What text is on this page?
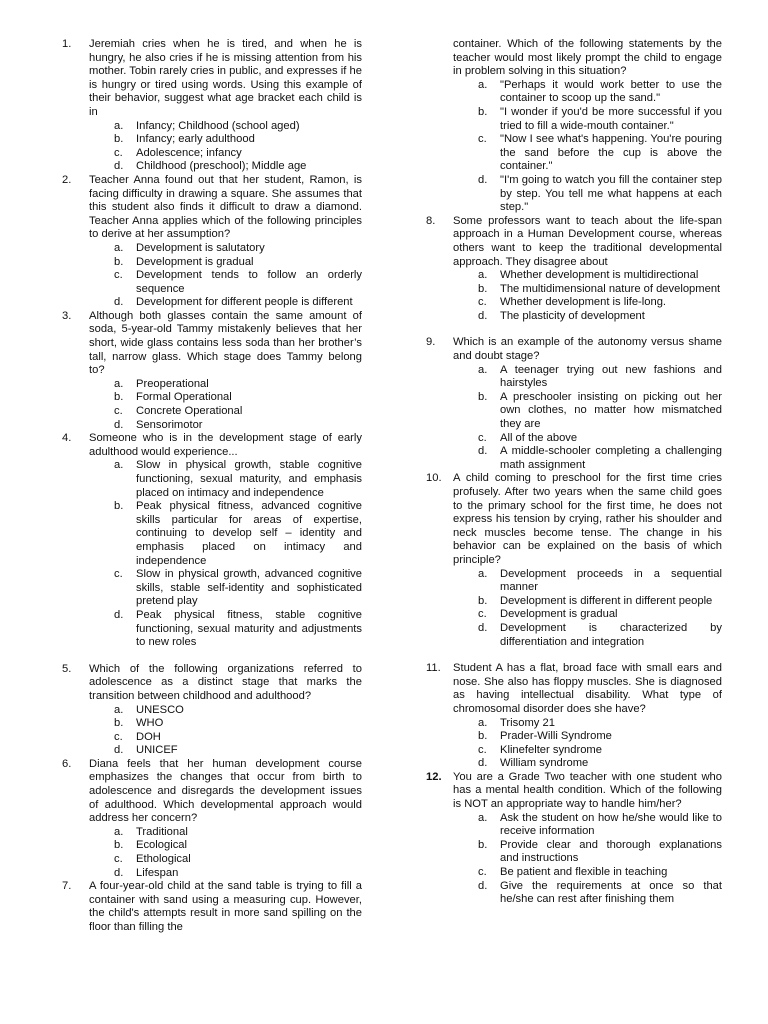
1.	Jeremiah cries when he is tired, and when he is hungry, he also cries if he is missing attention from his mother. Tobin rarely cries in public, and expresses if he is hungry or tired using words. Using this example of their behavior, suggest what age bracket each child is in
a.	Infancy; Childhood (school aged)
b.	Infancy; early adulthood
c.	Adolescence; infancy
d.	Childhood (preschool); Middle age
2.	Teacher Anna found out that her student, Ramon, is facing difficulty in drawing a square. She assumes that this student also finds it difficult to draw a diamond. Teacher Anna applies which of the following principles to derive at her assumption?
a.	Development is salutatory
b.	Development is gradual
c.	Development tends to follow an orderly sequence
d.	Development for different people is different
3.	Although both glasses contain the same amount of soda, 5-year-old Tammy mistakenly believes that her short, wide glass contains less soda than her brother’s tall, narrow glass. Which stage does Tammy belong to?
a.	Preoperational
b.	Formal Operational
c.	Concrete Operational
d.	Sensorimotor
4.	Someone who is in the development stage of early adulthood would experience...
a.	Slow in physical growth, stable cognitive functioning, sexual maturity, and emphasis placed on intimacy and independence
b.	Peak physical fitness, advanced cognitive skills particular for areas of expertise, continuing to develop self – identity and emphasis placed on intimacy and independence
c.	Slow in physical growth, advanced cognitive skills, stable self-identity and sophisticated pretend play
d.	Peak physical fitness, stable cognitive functioning, sexual maturity and adjustments to new roles
5.	Which of the following organizations referred to adolescence as a distinct stage that marks the transition between childhood and adulthood?
a.	UNESCO
b.	WHO
c.	DOH
d.	UNICEF
6.	Diana feels that her human development course emphasizes the changes that occur from birth to adolescence and disregards the development issues of adulthood. Which developmental approach would address her concern?
a.	Traditional
b.	Ecological
c.	Ethological
d.	Lifespan
7.	A four-year-old child at the sand table is trying to fill a container with sand using a measuring cup. However, the child's attempts result in more sand spilling on the floor than filling the
container. Which of the following statements by the teacher would most likely prompt the child to engage in problem solving in this situation?
a.	"Perhaps it would work better to use the container to scoop up the sand."
b.	"I wonder if you'd be more successful if you tried to fill a wide-mouth container."
c.	"Now I see what's happening. You're pouring the sand before the cup is above the container."
d.	"I'm going to watch you fill the container step by step. You tell me what happens at each step."
8.	Some professors want to teach about the life-span approach in a Human Development course, whereas others want to keep the traditional developmental approach. They disagree about
a.	Whether development is multidirectional
b.	The multidimensional nature of development
c.	Whether development is life-long.
d.	The plasticity of development
9.	Which is an example of the autonomy versus shame and doubt stage?
a.	A teenager trying out new fashions and hairstyles
b.	A preschooler insisting on picking out her own clothes, no matter how mismatched they are
c.	All of the above
d.	A middle-schooler completing a challenging math assignment
10.	A child coming to preschool for the first time cries profusely. After two years when the same child goes to the primary school for the first time, he does not express his tension by crying, rather his shoulder and neck muscles become tense. The change in his behavior can be explained on the basis of which principle?
a.	Development proceeds in a sequential manner
b.	Development is different in different people
c.	Development is gradual
d.	Development is characterized by differentiation and integration
11.	Student A has a flat, broad face with small ears and nose. She also has floppy muscles. She is diagnosed as having intellectual disability. What type of chromosomal disorder does she have?
a.	Trisomy 21
b.	Prader-Willi Syndrome
c.	Klinefelter syndrome
d.	William syndrome
12.	You are a Grade Two teacher with one student who has a mental health condition. Which of the following is NOT an appropriate way to handle him/her?
a.	Ask the student on how he/she would like to receive information
b.	Provide clear and thorough explanations and instructions
c.	Be patient and flexible in teaching
d.	Give the requirements at once so that he/she can rest after finishing them
